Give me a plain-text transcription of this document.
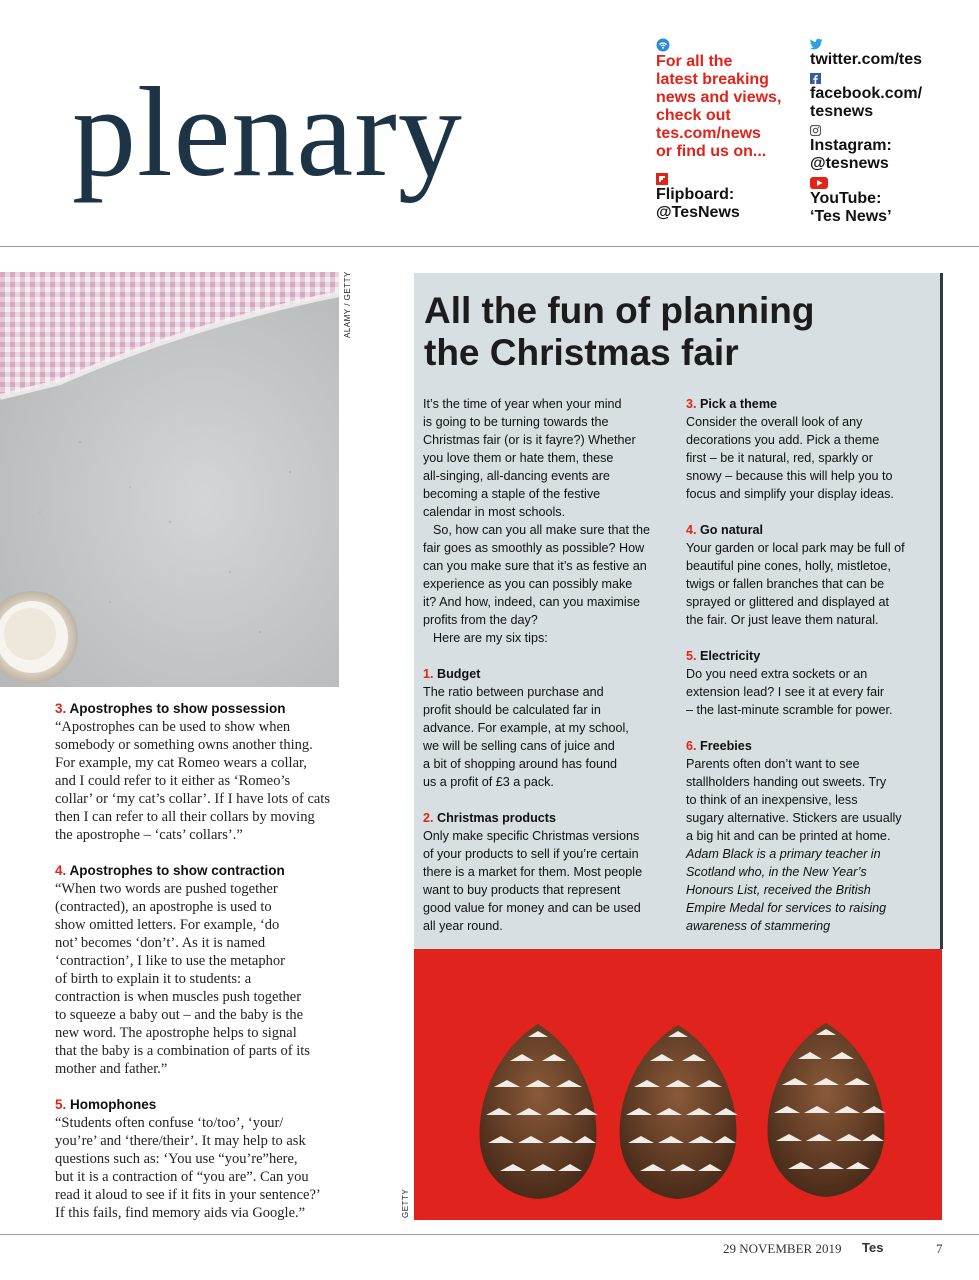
plenary	For all the
latest breaking
news and views,
check out
tes.com/news
or find us on...
Flipboard:
@TesNews
twitter.com/tes
facebook.com/
tesnews
Instagram:
@tesnews
YouTube:
‘Tes News’
ALAMY / GETTY

3. Apostrophes to show possession

“Apostrophes can be used to show when

somebody or something owns another thing.

For example, my cat Romeo wears a collar,

and I could refer to it either as ‘Romeo’s

collar’ or ‘my cat’s collar’. If I have lots of cats

then I can refer to all their collars by moving

the apostrophe – ‘cats’ collars’.”

4. Apostrophes to show contraction

“When two words are pushed together

(contracted), an apostrophe is used to

show omitted letters. For example, ‘do

not’ becomes ‘don’t’. As it is named

‘contraction’, I like to use the metaphor

of birth to explain it to students: a

contraction is when muscles push together

to squeeze a baby out – and the baby is the

new word. The apostrophe helps to signal

that the baby is a combination of parts of its

mother and father.”

5. Homophones

“Students often confuse ‘to/too’, ‘your/

you’re’ and ‘there/their’. It may help to ask

questions such as: ‘You use “you’re”here,

but it is a contraction of “you are”. Can you

read it aloud to see if it fits in your sentence?’

If this fails, find memory aids via Google.”

All the fun of planning
the Christmas fair

It’s the time of year when your mind

is going to be turning towards the

Christmas fair (or is it fayre?) Whether

you love them or hate them, these

all-singing, all-dancing events are

becoming a staple of the festive

calendar in most schools.

So, how can you all make sure that the

fair goes as smoothly as possible? How

can you make sure that it’s as festive an

experience as you can possibly make

it? And how, indeed, can you maximise

profits from the day?

Here are my six tips:

1. Budget

The ratio between purchase and

profit should be calculated far in

advance. For example, at my school,

we will be selling cans of juice and

a bit of shopping around has found

us a profit of £3 a pack.

2. Christmas products

Only make specific Christmas versions

of your products to sell if you’re certain

there is a market for them. Most people

want to buy products that represent

good value for money and can be used

all year round.

3. Pick a theme

Consider the overall look of any

decorations you add. Pick a theme

first – be it natural, red, sparkly or

snowy – because this will help you to

focus and simplify your display ideas.

4. Go natural

Your garden or local park may be full of

beautiful pine cones, holly, mistletoe,

twigs or fallen branches that can be

sprayed or glittered and displayed at

the fair. Or just leave them natural.

5. Electricity

Do you need extra sockets or an

extension lead? I see it at every fair

– the last-minute scramble for power.

6. Freebies

Parents often don’t want to see

stallholders handing out sweets. Try

to think of an inexpensive, less

sugary alternative. Stickers are usually

a big hit and can be printed at home.

Adam Black is a primary teacher in

Scotland who, in the New Year’s

Honours List, received the British

Empire Medal for services to raising

awareness of stammering

GETTY
29 NOVEMBER 2019 Tes	7
